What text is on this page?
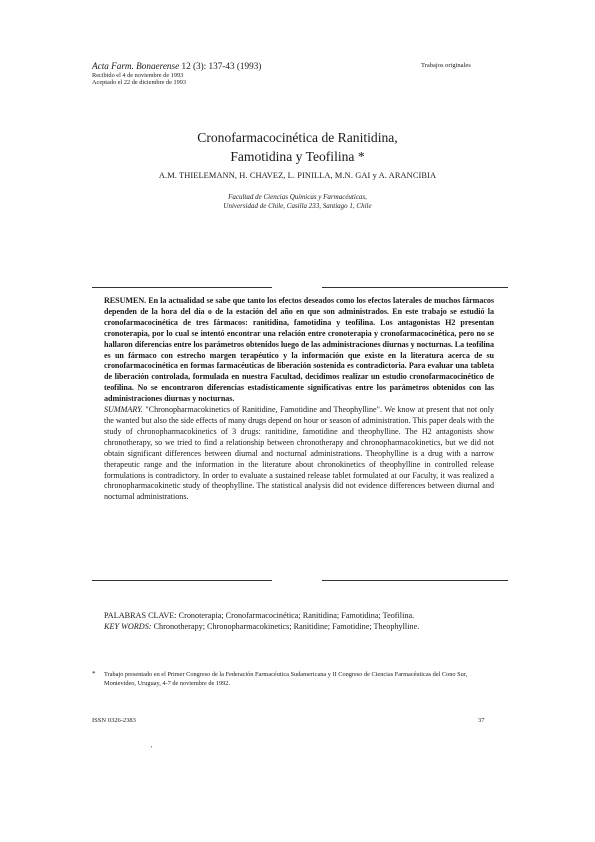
Acta Farm. Bonaerense 12 (3): 137-43 (1993)
Recibido el 4 de noviembre de 1993
Aceptado el 22 de diciembre de 1993
Trabajos originales
Cronofarmacocinética de Ranitidina,
Famotidina y Teofilina *
A.M. THIELEMANN, H. CHAVEZ, L. PINILLA, M.N. GAI y A. ARANCIBIA
Facultad de Ciencias Químicas y Farmacéuticas,
Universidad de Chile, Casilla 233, Santiago 1, Chile

RESUMEN. En la actualidad se sabe que tanto los efectos deseados como los efectos laterales de muchos fármacos dependen de la hora del día o de la estación del año en que son administrados. En este trabajo se estudió la cronofarmacocinética de tres fármacos: ranitidina, famotidina y teofilina. Los antagonistas H2 presentan cronoterapia, por lo cual se intentó encontrar una relación entre cronoterapia y cronofarmacocinética, pero no se hallaron diferencias entre los parámetros obtenidos luego de las administraciones diurnas y nocturnas. La teofilina es un fármaco con estrecho margen terapéutico y la información que existe en la literatura acerca de su cronofarmacocinética en formas farmacéuticas de liberación sostenida es contradictoria. Para evaluar una tableta de liberación controlada, formulada en nuestra Facultad, decidimos realizar un estudio cronofarmacocinético de teofilina. No se encontraron diferencias estadísticamente significativas entre los parámetros obtenidos con las administraciones diurnas y nocturnas.

SUMMARY. "Chronopharmacokinetics of Ranitidine, Famotidine and Theophylline". We know at present that not only the wanted but also the side effects of many drugs depend on hour or season of administration. This paper deals with the study of chronopharmacokinetics of 3 drugs: ranitidine, famotidine and theophylline. The H2 antagonists show chronotherapy, so we tried to find a relationship between chronotherapy and chronopharmacokinetics, but we did not obtain significant differences between diurnal and nocturnal administrations. Theophylline is a drug with a narrow therapeutic range and the information in the literature about chronokinetics of theophylline in controlled release formulations is contradictory. In order to evaluate a sustained release tablet formulated at our Faculty, it was realized a chronopharmacokinetic study of theophylline. The statistical analysis did not evidence differences between diurnal and nocturnal administrations.

PALABRAS CLAVE: Cronoterapia; Cronofarmacocinética; Ranitidina; Famotidina; Teofilina.

KEY WORDS: Chronotherapy; Chronopharmacokinetics; Ranitidine; Famotidine; Theophylline.

* Trabajo presentado en el Primer Congreso de la Federación Farmacéutica Sudamericana y II Congreso de Ciencias Farmacéuticas del Cono Sur, Montevideo, Uruguay, 4-7 de noviembre de 1992.
ISSN 0326-2383	37
'
